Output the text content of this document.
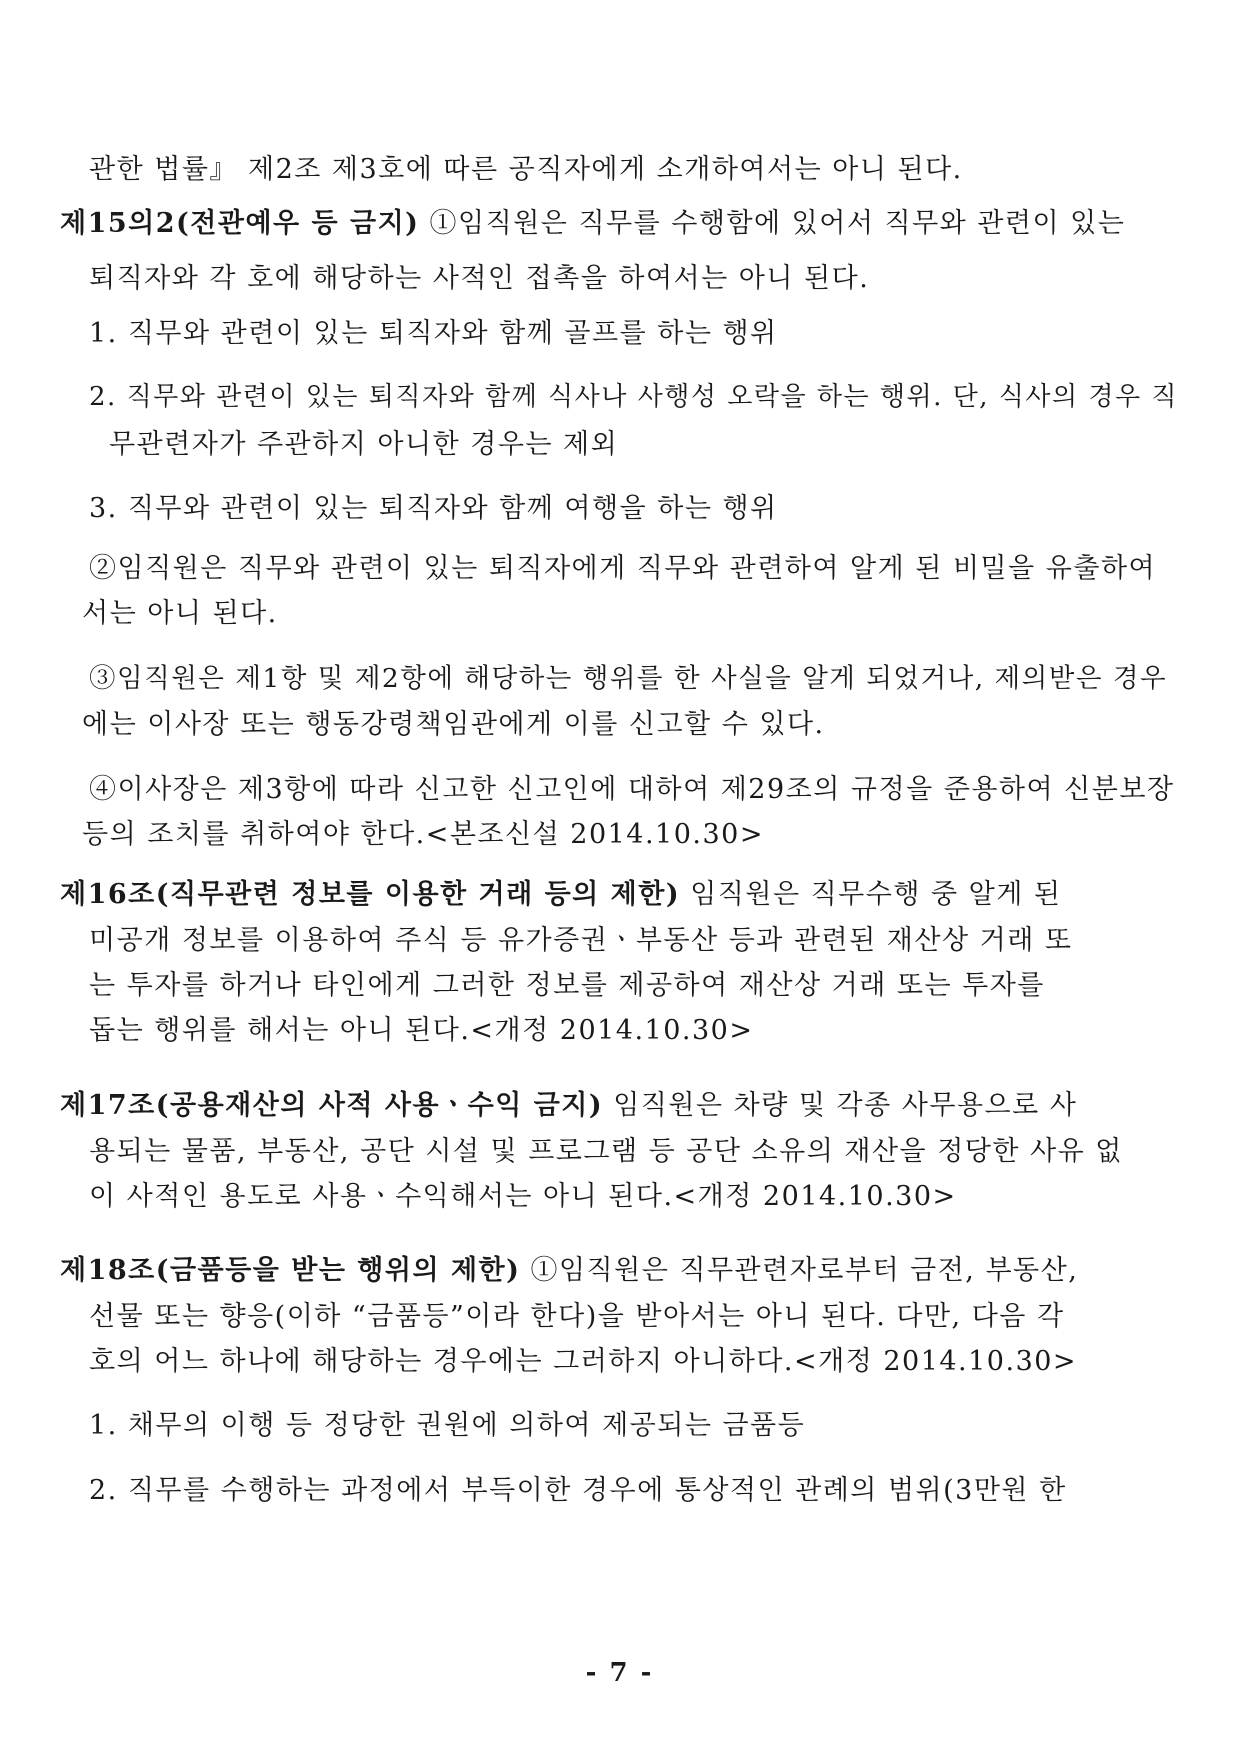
관한 법률』 제2조 제3호에 따른 공직자에게 소개하여서는 아니 된다.
제15의2(전관예우 등 금지) ①임직원은 직무를 수행함에 있어서 직무와 관련이 있는
퇴직자와 각 호에 해당하는 사적인 접촉을 하여서는 아니 된다.
1. 직무와 관련이 있는 퇴직자와 함께 골프를 하는 행위
2. 직무와 관련이 있는 퇴직자와 함께 식사나 사행성 오락을 하는 행위. 단, 식사의 경우 직
무관련자가 주관하지 아니한 경우는 제외
3. 직무와 관련이 있는 퇴직자와 함께 여행을 하는 행위
②임직원은 직무와 관련이 있는 퇴직자에게 직무와 관련하여 알게 된 비밀을 유출하여
서는 아니 된다.
③임직원은 제1항 및 제2항에 해당하는 행위를 한 사실을 알게 되었거나, 제의받은 경우
에는 이사장 또는 행동강령책임관에게 이를 신고할 수 있다.
④이사장은 제3항에 따라 신고한 신고인에 대하여 제29조의 규정을 준용하여 신분보장
등의 조치를 취하여야 한다.<본조신설 2014.10.30>
제16조(직무관련 정보를 이용한 거래 등의 제한) 임직원은 직무수행 중 알게 된
미공개 정보를 이용하여 주식 등 유가증권ㆍ부동산 등과 관련된 재산상 거래 또
는 투자를 하거나 타인에게 그러한 정보를 제공하여 재산상 거래 또는 투자를
돕는 행위를 해서는 아니 된다.<개정 2014.10.30>
제17조(공용재산의 사적 사용ㆍ수익 금지) 임직원은 차량 및 각종 사무용으로 사
용되는 물품, 부동산, 공단 시설 및 프로그램 등 공단 소유의 재산을 정당한 사유 없
이 사적인 용도로 사용ㆍ수익해서는 아니 된다.<개정 2014.10.30>
제18조(금품등을 받는 행위의 제한) ①임직원은 직무관련자로부터 금전, 부동산,
선물 또는 향응(이하 “금품등”이라 한다)을 받아서는 아니 된다. 다만, 다음 각
호의 어느 하나에 해당하는 경우에는 그러하지 아니하다.<개정 2014.10.30>
1. 채무의 이행 등 정당한 권원에 의하여 제공되는 금품등
2. 직무를 수행하는 과정에서 부득이한 경우에 통상적인 관례의 범위(3만원 한
- 7 -
